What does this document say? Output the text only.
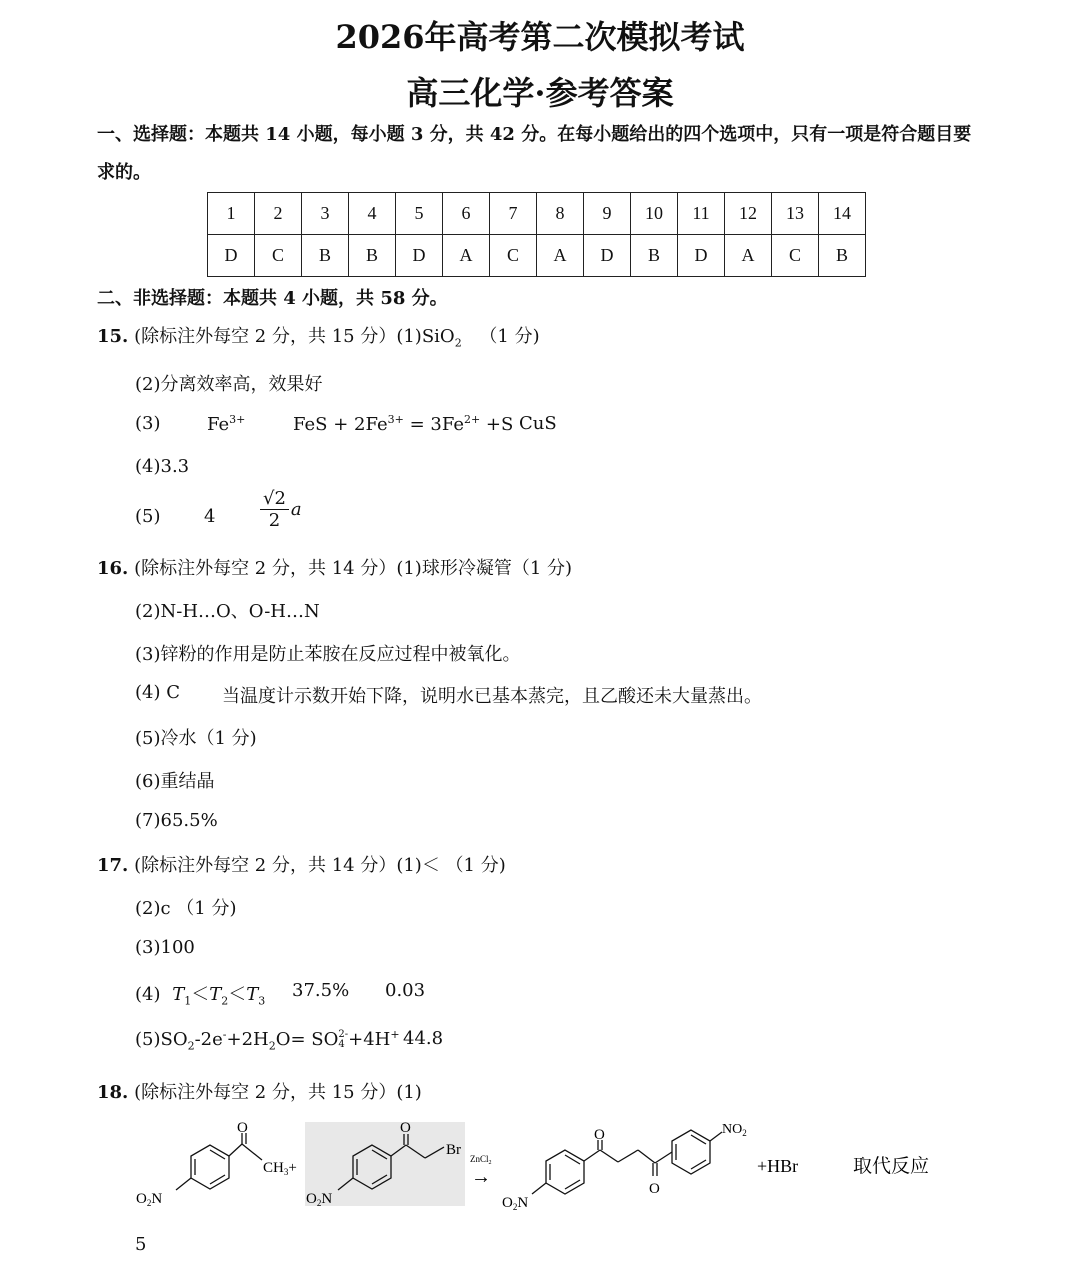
2026年高考第二次模拟考试
高三化学·参考答案
一、选择题：本题共 14 小题，每小题 3 分，共 42 分。在每小题给出的四个选项中，只有一项是符合题目要
求的。
1	2	3	4	5	6	7	8	9	10	11	12	13	14
D	C	B	B	D	A	C	A	D	B	D	A	C	B
二、非选择题：本题共 4 小题，共 58 分。
15. (除标注外每空 2 分，共 15 分）(1)SiO$_2$ （1 分)
(2)分离效率高，效果好
(3)	$Fe^{3+}$	FeS + $2Fe^{3+} = 3Fe^{2+} +S$ CuS
(4)3.3
(5) $4 \frac{√2}{2}$ a
16. (除标注外每空 2 分，共 14 分）(1)球形冷凝管（1 分)
(2)N-H…O、O-H…N
(3)锌粉的作用是防止苯胺在反应过程中被氧化。
(4) C 当温度计示数开始下降，说明水已基本蒸完，且乙酸还未大量蒸出。
(5)冷水（1 分)
(6)重结晶
(7)65.5%
17. (除标注外每空 2 分，共 14 分）(1)＜ （1 分)
(2)c （1 分)
(3)100
(4) $T_1<T_2<T_3$
37.5% 0.03
$(5)SO_2-2e^-+2H_2O=$ SO 2-
4 +4H+ 44.8
18. (除标注外每空 2 分，共 15 分）(1)
O
$CH_3+$
$O_2N$
O
Br
$O_2N$
ZnCl$_2$
→
O
O
$NO_2$
$O_2N$
+HBr	取代反应
5
